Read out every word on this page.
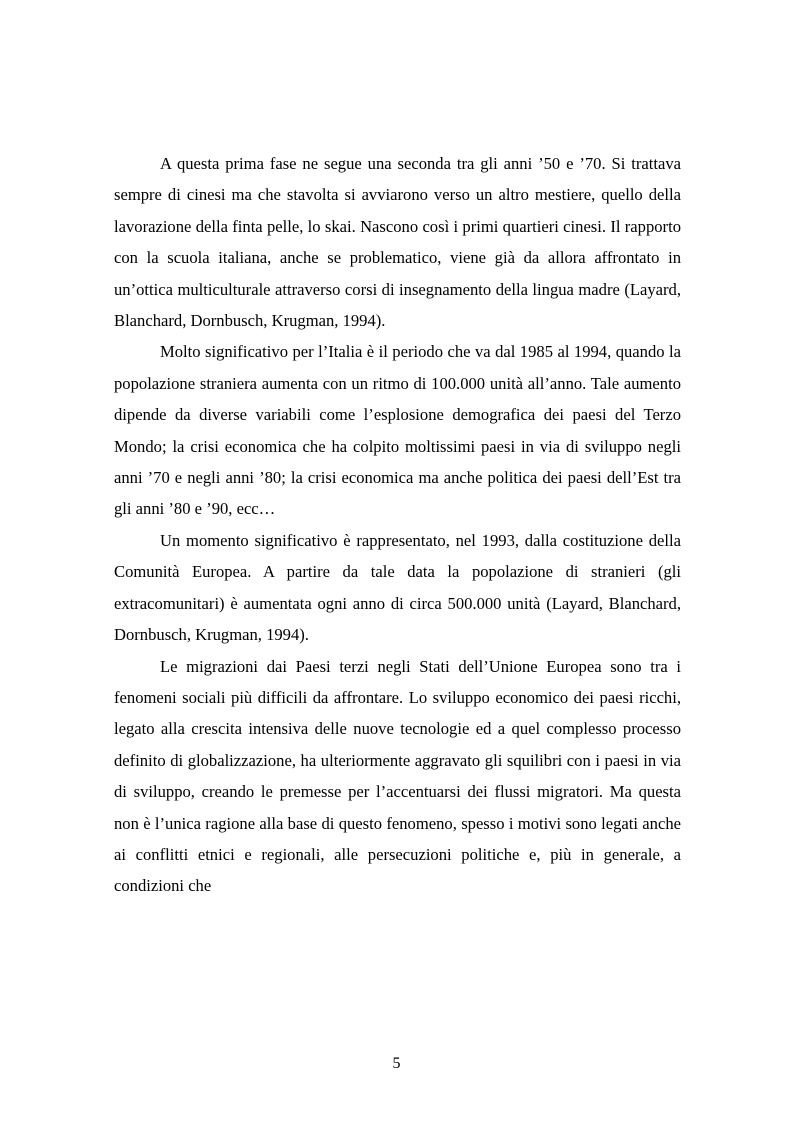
A questa prima fase ne segue una seconda tra gli anni ’50 e ’70. Si trattava sempre di cinesi ma che stavolta si avviarono verso un altro mestiere, quello della lavorazione della finta pelle, lo skai. Nascono così i primi quartieri cinesi. Il rapporto con la scuola italiana, anche se problematico, viene già da allora affrontato in un’ottica multiculturale attraverso corsi di insegnamento della lingua madre (Layard, Blanchard, Dornbusch, Krugman, 1994).

Molto significativo per l’Italia è il periodo che va dal 1985 al 1994, quando la popolazione straniera aumenta con un ritmo di 100.000 unità all’anno. Tale aumento dipende da diverse variabili come l’esplosione demografica dei paesi del Terzo Mondo; la crisi economica che ha colpito moltissimi paesi in via di sviluppo negli anni ’70 e negli anni ’80; la crisi economica ma anche politica dei paesi dell’Est tra gli anni ’80 e ’90, ecc…

Un momento significativo è rappresentato, nel 1993, dalla costituzione della Comunità Europea. A partire da tale data la popolazione di stranieri (gli extracomunitari) è aumentata ogni anno di circa 500.000 unità (Layard, Blanchard, Dornbusch, Krugman, 1994).

Le migrazioni dai Paesi terzi negli Stati dell’Unione Europea sono tra i fenomeni sociali più difficili da affrontare. Lo sviluppo economico dei paesi ricchi, legato alla crescita intensiva delle nuove tecnologie ed a quel complesso processo definito di globalizzazione, ha ulteriormente aggravato gli squilibri con i paesi in via di sviluppo, creando le premesse per l’accentuarsi dei flussi migratori. Ma questa non è l’unica ragione alla base di questo fenomeno, spesso i motivi sono legati anche ai conflitti etnici e regionali, alle persecuzioni politiche e, più in generale, a condizioni che

5
